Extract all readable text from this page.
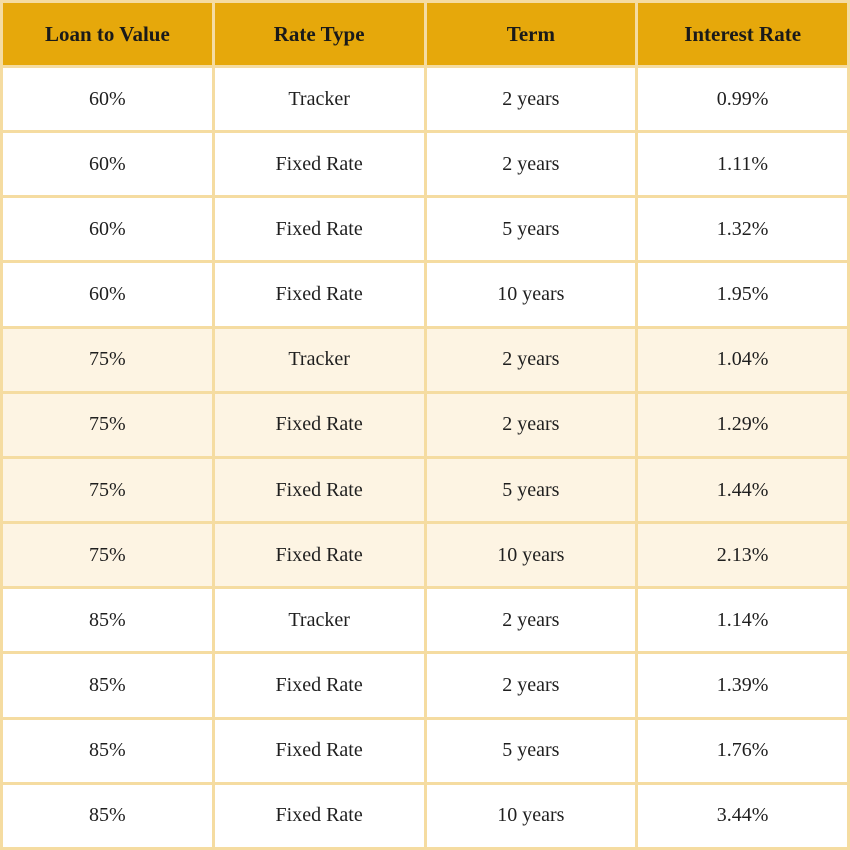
Loan to Value	Rate Type	Term	Interest Rate
60%	Tracker	2 years	0.99%
60%	Fixed Rate	2 years	1.11%
60%	Fixed Rate	5 years	1.32%
60%	Fixed Rate	10 years	1.95%
75%	Tracker	2 years	1.04%
75%	Fixed Rate	2 years	1.29%
75%	Fixed Rate	5 years	1.44%
75%	Fixed Rate	10 years	2.13%
85%	Tracker	2 years	1.14%
85%	Fixed Rate	2 years	1.39%
85%	Fixed Rate	5 years	1.76%
85%	Fixed Rate	10 years	3.44%
